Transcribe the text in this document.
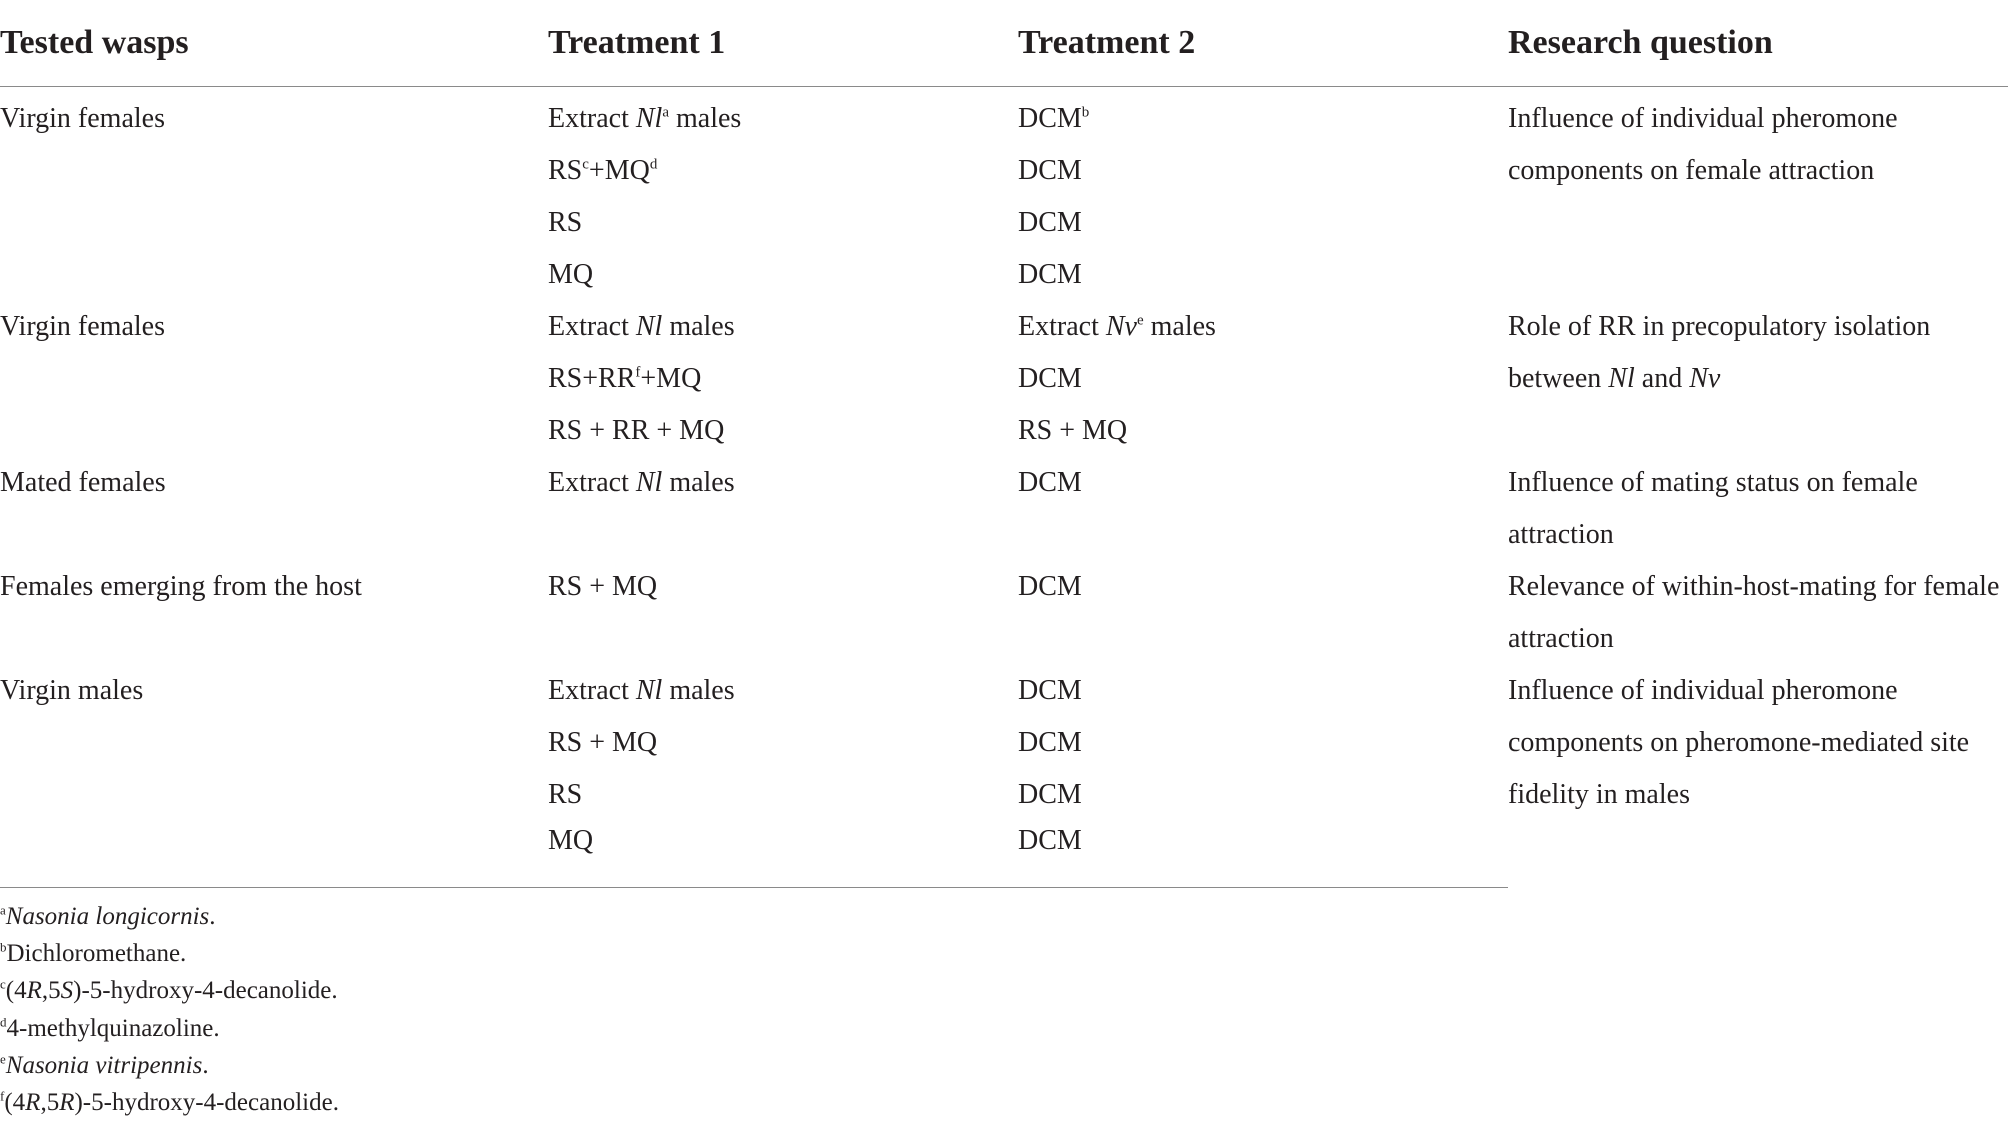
Tested wasps	Treatment 1	Treatment 2	Research question	
Virgin females	Extract Nl$^a$ males	DCM$^b$	Influence of individual pheromone components on female attraction	
	$RS^c+MQ^d$	DCM		
	RS	DCM		
	MQ	DCM		
Virgin females	Extract Nl males	Extract Nv$^e$ males	Role of RR in precopulatory isolation between Nl and Nv	
	$RS+RR^f+MQ$	DCM		
	RS + RR + MQ	RS + MQ		
Mated females	Extract Nl males	DCM	Influence of mating status on female attraction	

Females emerging from the host	RS + MQ	DCM	Relevance of within-host-mating for female attraction	

Virgin males	Extract Nl males	DCM	Influence of individual pheromone components on pheromone-mediated site fidelity in males	
	RS + MQ	DCM		
	RS	DCM		
	MQ	DCM		
$^a$Nasonia longicornis.
$^b$Dichloromethane.
$^c$(4R,5S)-5-hydroxy-4-decanolide.
$^d$4-methylquinazoline.
$^e$Nasonia vitripennis.
$^f$(4R,5R)-5-hydroxy-4-decanolide.
